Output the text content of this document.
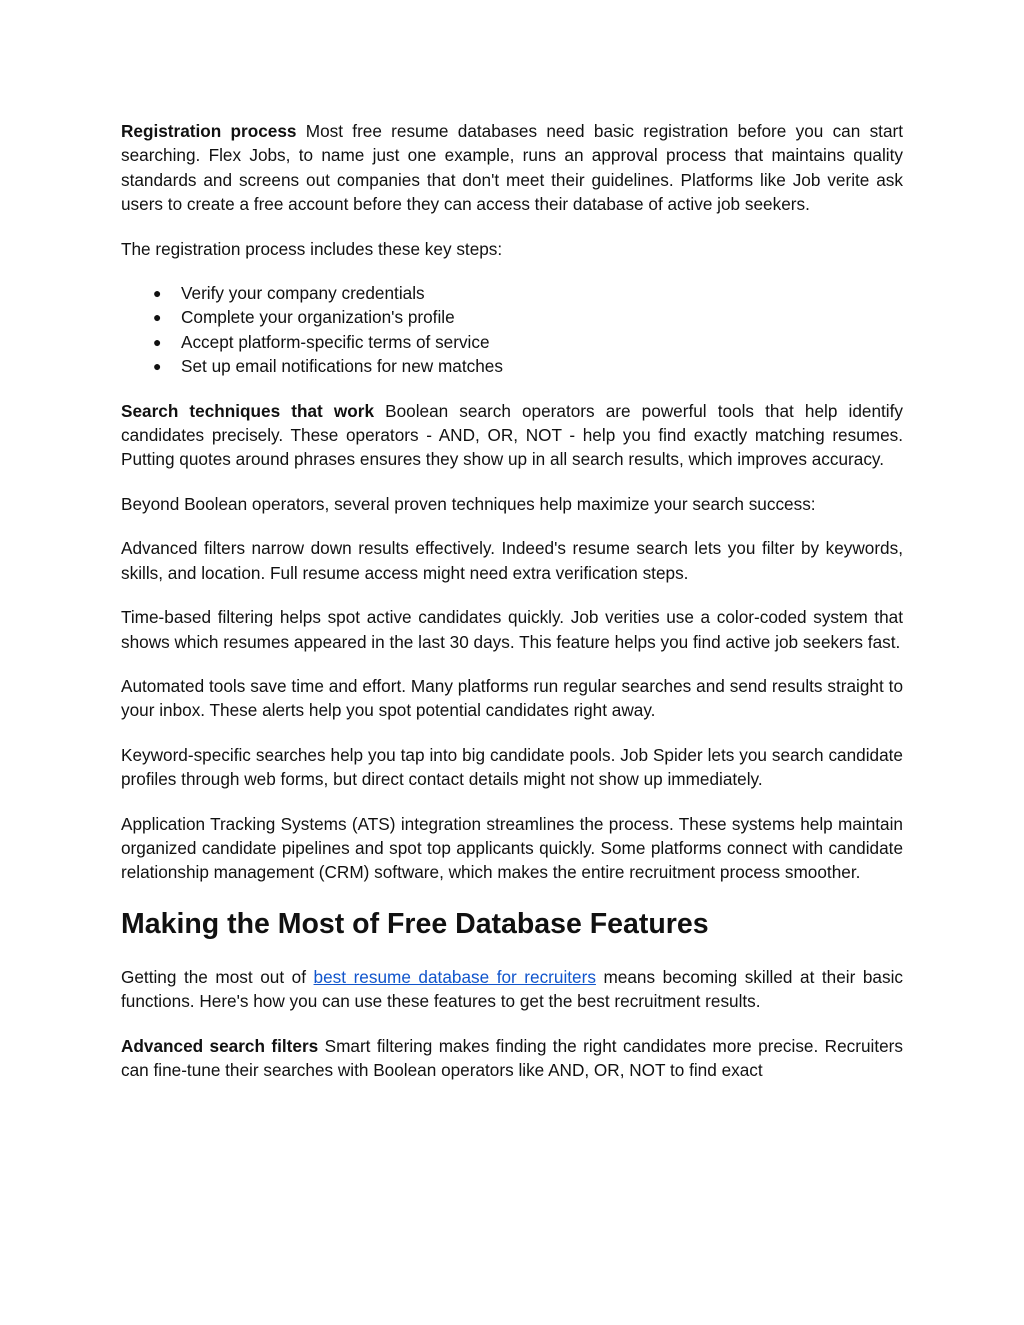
Registration process Most free resume databases need basic registration before you can start searching. Flex Jobs, to name just one example, runs an approval process that maintains quality standards and screens out companies that don't meet their guidelines. Platforms like Job verite ask users to create a free account before they can access their database of active job seekers.

The registration process includes these key steps:

● Verify your company credentials
● Complete your organization's profile
● Accept platform-specific terms of service
● Set up email notifications for new matches

Search techniques that work Boolean search operators are powerful tools that help identify candidates precisely. These operators - AND, OR, NOT - help you find exactly matching resumes. Putting quotes around phrases ensures they show up in all search results, which improves accuracy.

Beyond Boolean operators, several proven techniques help maximize your search success:

Advanced filters narrow down results effectively. Indeed's resume search lets you filter by keywords, skills, and location. Full resume access might need extra verification steps.

Time-based filtering helps spot active candidates quickly. Job verities use a color-coded system that shows which resumes appeared in the last 30 days. This feature helps you find active job seekers fast.

Automated tools save time and effort. Many platforms run regular searches and send results straight to your inbox. These alerts help you spot potential candidates right away.

Keyword-specific searches help you tap into big candidate pools. Job Spider lets you search candidate profiles through web forms, but direct contact details might not show up immediately.

Application Tracking Systems (ATS) integration streamlines the process. These systems help maintain organized candidate pipelines and spot top applicants quickly. Some platforms connect with candidate relationship management (CRM) software, which makes the entire recruitment process smoother.

Making the Most of Free Database Features

Getting the most out of best resume database for recruiters means becoming skilled at their basic functions. Here's how you can use these features to get the best recruitment results.

Advanced search filters Smart filtering makes finding the right candidates more precise. Recruiters can fine-tune their searches with Boolean operators like AND, OR, NOT to find exact
